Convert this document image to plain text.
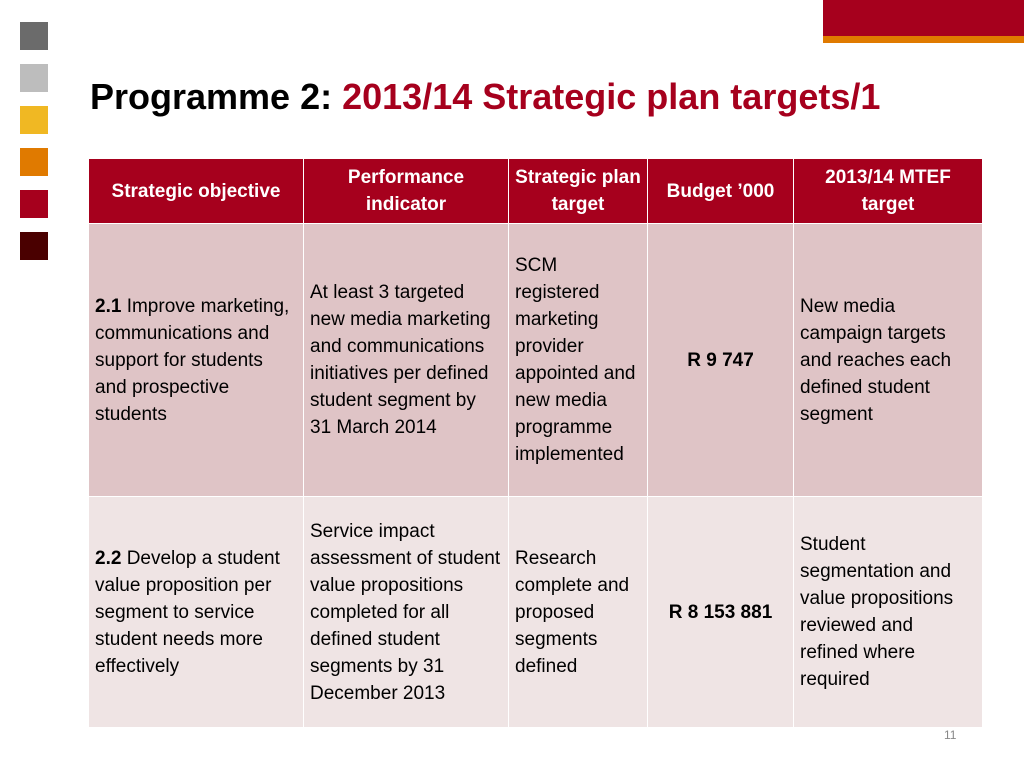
Programme 2: 2013/14 Strategic plan targets/1
Strategic objective	Performance indicator	Strategic plan target	Budget ’000	2013/14 MTEF target
2.1 Improve marketing, communications and support for students and prospective students	At least 3 targeted new media marketing and communications initiatives per defined student segment by 31 March 2014	SCM registered marketing provider appointed and new media programme implemented	R 9 747	New media campaign targets and reaches each defined student segment
2.2 Develop a student value proposition per segment to service student needs more effectively	Service impact assessment of student value propositions completed for all defined student segments by 31 December 2013	Research complete and proposed segments defined	R 8 153 881	Student segmentation and value propositions reviewed and refined where required
11
